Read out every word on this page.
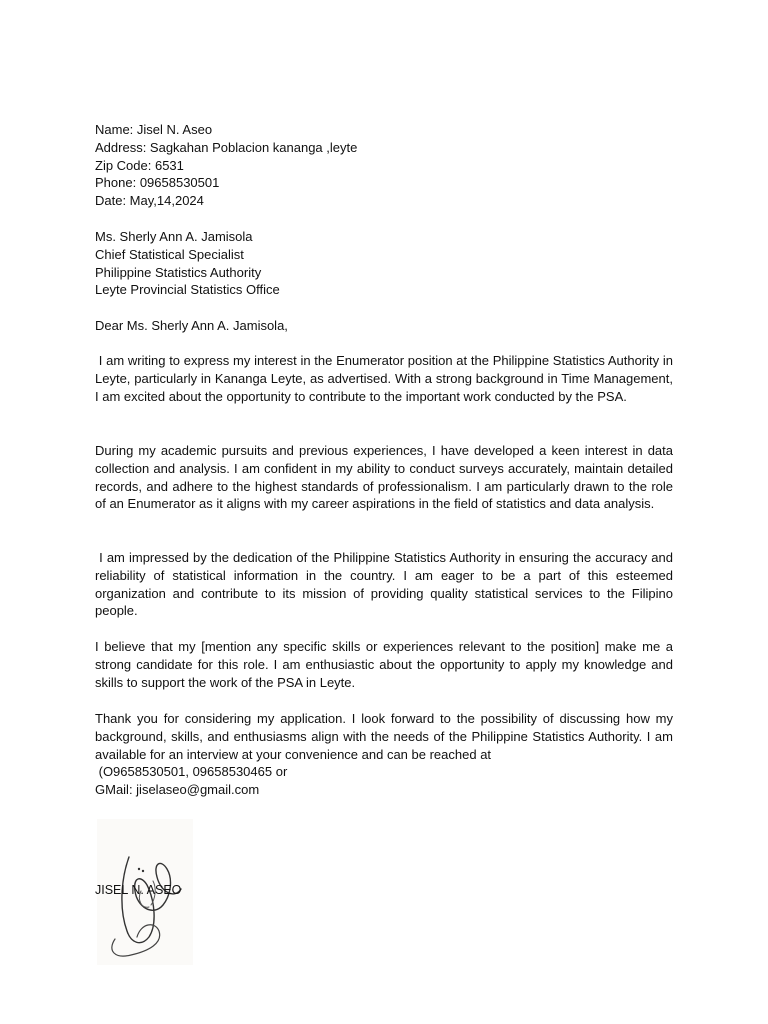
Name: Jisel N. Aseo
Address: Sagkahan Poblacion kananga ,leyte
Zip Code: 6531
Phone: 09658530501
Date: May,14,2024
Ms. Sherly Ann A. Jamisola
Chief Statistical Specialist
Philippine Statistics Authority
Leyte Provincial Statistics Office
Dear Ms. Sherly Ann A. Jamisola,

I am writing to express my interest in the Enumerator position at the Philippine Statistics Authority in Leyte, particularly in Kananga Leyte, as advertised. With a strong background in Time Management, I am excited about the opportunity to contribute to the important work conducted by the PSA.

During my academic pursuits and previous experiences, I have developed a keen interest in data collection and analysis. I am confident in my ability to conduct surveys accurately, maintain detailed records, and adhere to the highest standards of professionalism. I am particularly drawn to the role of an Enumerator as it aligns with my career aspirations in the field of statistics and data analysis.

I am impressed by the dedication of the Philippine Statistics Authority in ensuring the accuracy and reliability of statistical information in the country. I am eager to be a part of this esteemed organization and contribute to its mission of providing quality statistical services to the Filipino people.

I believe that my [mention any specific skills or experiences relevant to the position] make me a strong candidate for this role. I am enthusiastic about the opportunity to apply my knowledge and skills to support the work of the PSA in Leyte.

Thank you for considering my application. I look forward to the possibility of discussing how my background, skills, and enthusiasms align with the needs of the Philippine Statistics Authority. I am available for an interview at your convenience and can be reached at

(O9658530501, 09658530465 or
GMail: jiselaseo@gmail.com
JISEL N. ASEO
